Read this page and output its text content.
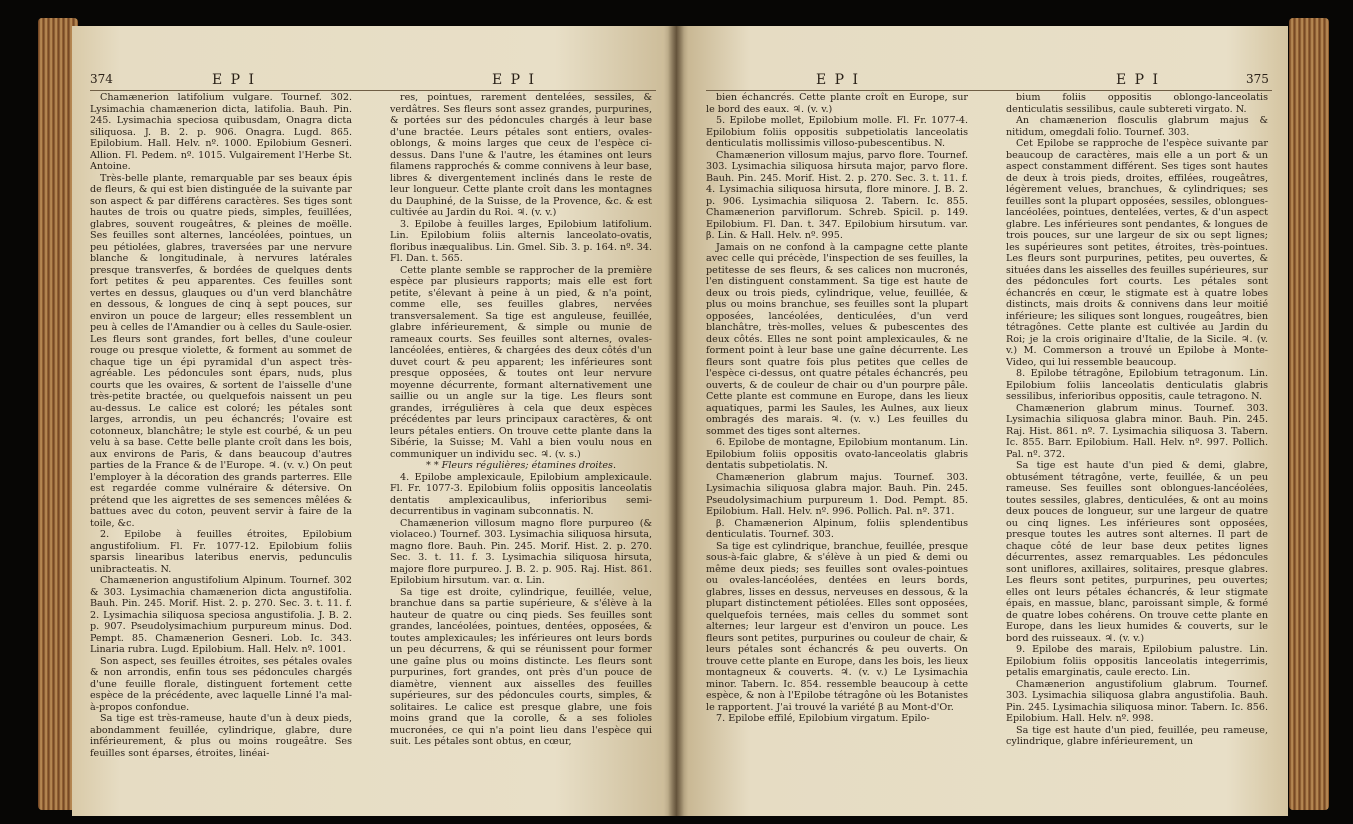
374	E P I	E P I

Chamænerion latifolium vulgare. Tournef. 302. Lysimachia chamænerion dicta, latifolia. Bauh. Pin. 245. Lysimachia speciosa quibusdam, Onagra dicta siliquosa. J. B. 2. p. 906. Onagra. Lugd. 865. Epilobium. Hall. Helv. nº. 1000. Epilobium Gesneri. Allion. Fl. Pedem. nº. 1015. Vulgairement l'Herbe St. Antoine.

Très-belle plante, remarquable par ses beaux épis de fleurs, & qui est bien distinguée de la suivante par son aspect & par différens caractères. Ses tiges sont hautes de trois ou quatre pieds, simples, feuillées, glabres, souvent rougeâtres, & pleines de moëlle. Ses feuilles sont alternes, lancéolées, pointues, un peu pétiolées, glabres, traversées par une nervure blanche & longitudinale, à nervures latérales presque transverfes, & bordées de quelques dents fort petites & peu apparentes. Ces feuilles sont vertes en dessus, glauques ou d'un verd blanchâtre en dessous, & longues de cinq à sept pouces, sur environ un pouce de largeur; elles ressemblent un peu à celles de l'Amandier ou à celles du Saule-osier. Les fleurs sont grandes, fort belles, d'une couleur rouge ou presque violette, & forment au sommet de chaque tige un épi pyramidal d'un aspect très-agréable. Les pédoncules sont épars, nuds, plus courts que les ovaires, & sortent de l'aisselle d'une très-petite bractée, ou quelquefois naissent un peu au-dessus. Le calice est coloré; les pétales sont larges, arrondis, un peu échancrés; l'ovaire est cotonneux, blanchâtre; le style est courbé, & un peu velu à sa base. Cette belle plante croît dans les bois, aux environs de Paris, & dans beaucoup d'autres parties de la France & de l'Europe. ♃. (v. v.) On peut l'employer à la décoration des grands parterres. Elle est regardée comme vulnéraire & détersive. On prétend que les aigrettes de ses semences mêlées & battues avec du coton, peuvent servir à faire de la toile, &c.

2. Epilobe à feuilles étroites, Epilobium angustifolium. Fl. Fr. 1077-12. Epilobium foliis sparsis linearibus lateribus enervis, pedunculis unibracteatis. N.

Chamænerion angustifolium Alpinum. Tournef. 302 & 303. Lysimachia chamænerion dicta angustifolia. Bauh. Pin. 245. Morif. Hist. 2. p. 270. Sec. 3. t. 11. f. 2. Lysimachia siliquosa speciosa angustifolia. J. B. 2. p. 907. Pseudolysimachium purpureum minus. Dod. Pempt. 85. Chamænerion Gesneri. Lob. Ic. 343. Linaria rubra. Lugd. Epilobium. Hall. Helv. nº. 1001.

Son aspect, ses feuilles étroites, ses pétales ovales & non arrondis, enfin tous ses pédoncules chargés d'une feuille florale, distinguent fortement cette espèce de la précédente, avec laquelle Linné l'a mal-à-propos confondue.

Sa tige est très-rameuse, haute d'un à deux pieds, abondamment feuillée, cylindrique, glabre, dure inférieurement, & plus ou moins rougeâtre. Ses feuilles sont éparses, étroites, linéai-

res, pointues, rarement dentelées, sessiles, & verdâtres. Ses fleurs sont assez grandes, purpurines, & portées sur des pédoncules chargés à leur base d'une bractée. Leurs pétales sont entiers, ovales-oblongs, & moins larges que ceux de l'espèce ci-dessus. Dans l'une & l'autre, les étamines ont leurs filamens rapprochés & comme connivens à leur base, libres & divergentement inclinés dans le reste de leur longueur. Cette plante croît dans les montagnes du Dauphiné, de la Suisse, de la Provence, &c. & est cultivée au Jardin du Roi. ♃. (v. v.)

3. Epilobe à feuilles larges, Epilobium latifolium. Lin. Epilobium foliis alternis lanceolato-ovatis, floribus inæqualibus. Lin. Gmel. Sib. 3. p. 164. nº. 34. Fl. Dan. t. 565.

Cette plante semble se rapprocher de la première espèce par plusieurs rapports; mais elle est fort petite, s'élevant à peine à un pied, & n'a point, comme elle, ses feuilles glabres, nervées transversalement. Sa tige est anguleuse, feuillée, glabre inférieurement, & simple ou munie de rameaux courts. Ses feuilles sont alternes, ovales-lancéolées, entières, & chargées des deux côtés d'un duvet court & peu apparent; les inférieures sont presque opposées, & toutes ont leur nervure moyenne décurrente, formant alternativement une saillie ou un angle sur la tige. Les fleurs sont grandes, irrégulières à cela que deux espèces précédentes par leurs principaux caractères, & ont leurs pétales entiers. On trouve cette plante dans la Sibérie, la Suisse; M. Vahl a bien voulu nous en communiquer un individu sec. ♃. (v. s.)

* * Fleurs régulières; étamines droites.

4. Epilobe amplexicaule, Epilobium amplexicaule. Fl. Fr. 1077-3. Epilobium foliis oppositis lanceolatis dentatis amplexicaulibus, inferioribus semi-decurrentibus in vaginam subconnatis. N.

Chamænerion villosum magno flore purpureo (& violaceo.) Tournef. 303. Lysimachia siliquosa hirsuta, magno flore. Bauh. Pin. 245. Morif. Hist. 2. p. 270. Sec. 3. t. 11. f. 3. Lysimachia siliquosa hirsuta, majore flore purpureo. J. B. 2. p. 905. Raj. Hist. 861. Epilobium hirsutum. var. α. Lin.

Sa tige est droite, cylindrique, feuillée, velue, branchue dans sa partie supérieure, & s'élève à la hauteur de quatre ou cinq pieds. Ses feuilles sont grandes, lancéolées, pointues, dentées, opposées, & toutes amplexicaules; les inférieures ont leurs bords un peu décurrens, & qui se réunissent pour former une gaîne plus ou moins distincte. Les fleurs sont purpurines, fort grandes, ont près d'un pouce de diamètre, viennent aux aisselles des feuilles supérieures, sur des pédoncules courts, simples, & solitaires. Le calice est presque glabre, une fois moins grand que la corolle, & a ses folioles mucronées, ce qui n'a point lieu dans l'espèce qui suit. Les pétales sont obtus, en cœur,

E P I	E P I	375

bien échancrés. Cette plante croît en Europe, sur le bord des eaux. ♃. (v. v.)

5. Epilobe mollet, Epilobium molle. Fl. Fr. 1077-4. Epilobium foliis oppositis subpetiolatis lanceolatis denticulatis mollissimis villoso-pubescentibus. N.

Chamænerion villosum majus, parvo flore. Tournef. 303. Lysimachia siliquosa hirsuta major, parvo flore. Bauh. Pin. 245. Morif. Hist. 2. p. 270. Sec. 3. t. 11. f. 4. Lysimachia siliquosa hirsuta, flore minore. J. B. 2. p. 906. Lysimachia siliquosa 2. Tabern. Ic. 855. Chamænerion parviflorum. Schreb. Spicil. p. 149. Epilobium. Fl. Dan. t. 347. Epilobium hirsutum. var. β. Lin. & Hall. Helv. nº. 995.

Jamais on ne confond à la campagne cette plante avec celle qui précède, l'inspection de ses feuilles, la petitesse de ses fleurs, & ses calices non mucronés, l'en distinguent constamment. Sa tige est haute de deux ou trois pieds, cylindrique, velue, feuillée, & plus ou moins branchue, ses feuilles sont la plupart opposées, lancéolées, denticulées, d'un verd blanchâtre, très-molles, velues & pubescentes des deux côtés. Elles ne sont point amplexicaules, & ne forment point à leur base une gaîne décurrente. Les fleurs sont quatre fois plus petites que celles de l'espèce ci-dessus, ont quatre pétales échancrés, peu ouverts, & de couleur de chair ou d'un pourpre pâle. Cette plante est commune en Europe, dans les lieux aquatiques, parmi les Saules, les Aulnes, aux lieux ombragés des marais. ♃. (v. v.) Les feuilles du sommet des tiges sont alternes.

6. Epilobe de montagne, Epilobium montanum. Lin. Epilobium foliis oppositis ovato-lanceolatis glabris dentatis subpetiolatis. N.

Chamænerion glabrum majus. Tournef. 303. Lysimachia siliquosa glabra major. Bauh. Pin. 245. Pseudolysimachium purpureum 1. Dod. Pempt. 85. Epilobium. Hall. Helv. nº. 996. Pollich. Pal. nº. 371.

β. Chamænerion Alpinum, foliis splendentibus denticulatis. Tournef. 303.

Sa tige est cylindrique, branchue, feuillée, presque sous-à-faic glabre, & s'élève à un pied & demi ou même deux pieds; ses feuilles sont ovales-pointues ou ovales-lancéolées, dentées en leurs bords, glabres, lisses en dessus, nerveuses en dessous, & la plupart distinctement pétiolées. Elles sont opposées, quelquefois ternées, mais celles du sommet sont alternes; leur largeur est d'environ un pouce. Les fleurs sont petites, purpurines ou couleur de chair, & leurs pétales sont échancrés & peu ouverts. On trouve cette plante en Europe, dans les bois, les lieux montagneux & couverts. ♃. (v. v.) Le Lysimachia minor. Tabern. Ic. 854. ressemble beaucoup à cette espèce, & non à l'Epilobe tétragône où les Botanistes le rapportent. J'ai trouvé la variété β au Mont-d'Or.

7. Epilobe effilé, Epilobium virgatum. Epilo-

bium foliis oppositis oblongo-lanceolatis denticulatis sessilibus, caule subtereti virgato. N.

An chamænerion flosculis glabrum majus & nitidum, omegdali folio. Tournef. 303.

Cet Epilobe se rapproche de l'espèce suivante par beaucoup de caractères, mais elle a un port & un aspect constamment différent. Ses tiges sont hautes de deux à trois pieds, droites, effilées, rougeâtres, légèrement velues, branchues, & cylindriques; ses feuilles sont la plupart opposées, sessiles, oblongues-lancéolées, pointues, dentelées, vertes, & d'un aspect glabre. Les inférieures sont pendantes, & longues de trois pouces, sur une largeur de six ou sept lignes; les supérieures sont petites, étroites, très-pointues. Les fleurs sont purpurines, petites, peu ouvertes, & situées dans les aisselles des feuilles supérieures, sur des pédoncules fort courts. Les pétales sont échancrés en cœur, le stigmate est à quatre lobes distincts, mais droits & connivens dans leur moitié inférieure; les siliques sont longues, rougeâtres, bien tétragônes. Cette plante est cultivée au Jardin du Roi; je la crois originaire d'Italie, de la Sicile. ♃. (v. v.) M. Commerson a trouvé un Epilobe à Monte-Video, qui lui ressemble beaucoup.

8. Epilobe tétragône, Epilobium tetragonum. Lin. Epilobium foliis lanceolatis denticulatis glabris sessilibus, inferioribus oppositis, caule tetragono. N.

Chamænerion glabrum minus. Tournef. 303. Lysimachia siliquosa glabra minor. Bauh. Pin. 245. Raj. Hist. 861. nº. 7. Lysimachia siliquosa 3. Tabern. Ic. 855. Barr. Epilobium. Hall. Helv. nº. 997. Pollich. Pal. nº. 372.

Sa tige est haute d'un pied & demi, glabre, obtusément tétragône, verte, feuillée, & un peu rameuse. Ses feuilles sont oblongues-lancéolées, toutes sessiles, glabres, denticulées, & ont au moins deux pouces de longueur, sur une largeur de quatre ou cinq lignes. Les inférieures sont opposées, presque toutes les autres sont alternes. Il part de chaque côté de leur base deux petites lignes décurrentes, assez remarquables. Les pédoncules sont uniflores, axillaires, solitaires, presque glabres. Les fleurs sont petites, purpurines, peu ouvertes; elles ont leurs pétales échancrés, & leur stigmate épais, en massue, blanc, paroissant simple, & formé de quatre lobes cohérens. On trouve cette plante en Europe, dans les lieux humides & couverts, sur le bord des ruisseaux. ♃. (v. v.)

9. Epilobe des marais, Epilobium palustre. Lin. Epilobium foliis oppositis lanceolatis integerrimis, petalis emarginatis, caule erecto. Lin.

Chamænerion angustifolium glabrum. Tournef. 303. Lysimachia siliquosa glabra angustifolia. Bauh. Pin. 245. Lysimachia siliquosa minor. Tabern. Ic. 856. Epilobium. Hall. Helv. nº. 998.

Sa tige est haute d'un pied, feuillée, peu rameuse, cylindrique, glabre inférieurement, un
